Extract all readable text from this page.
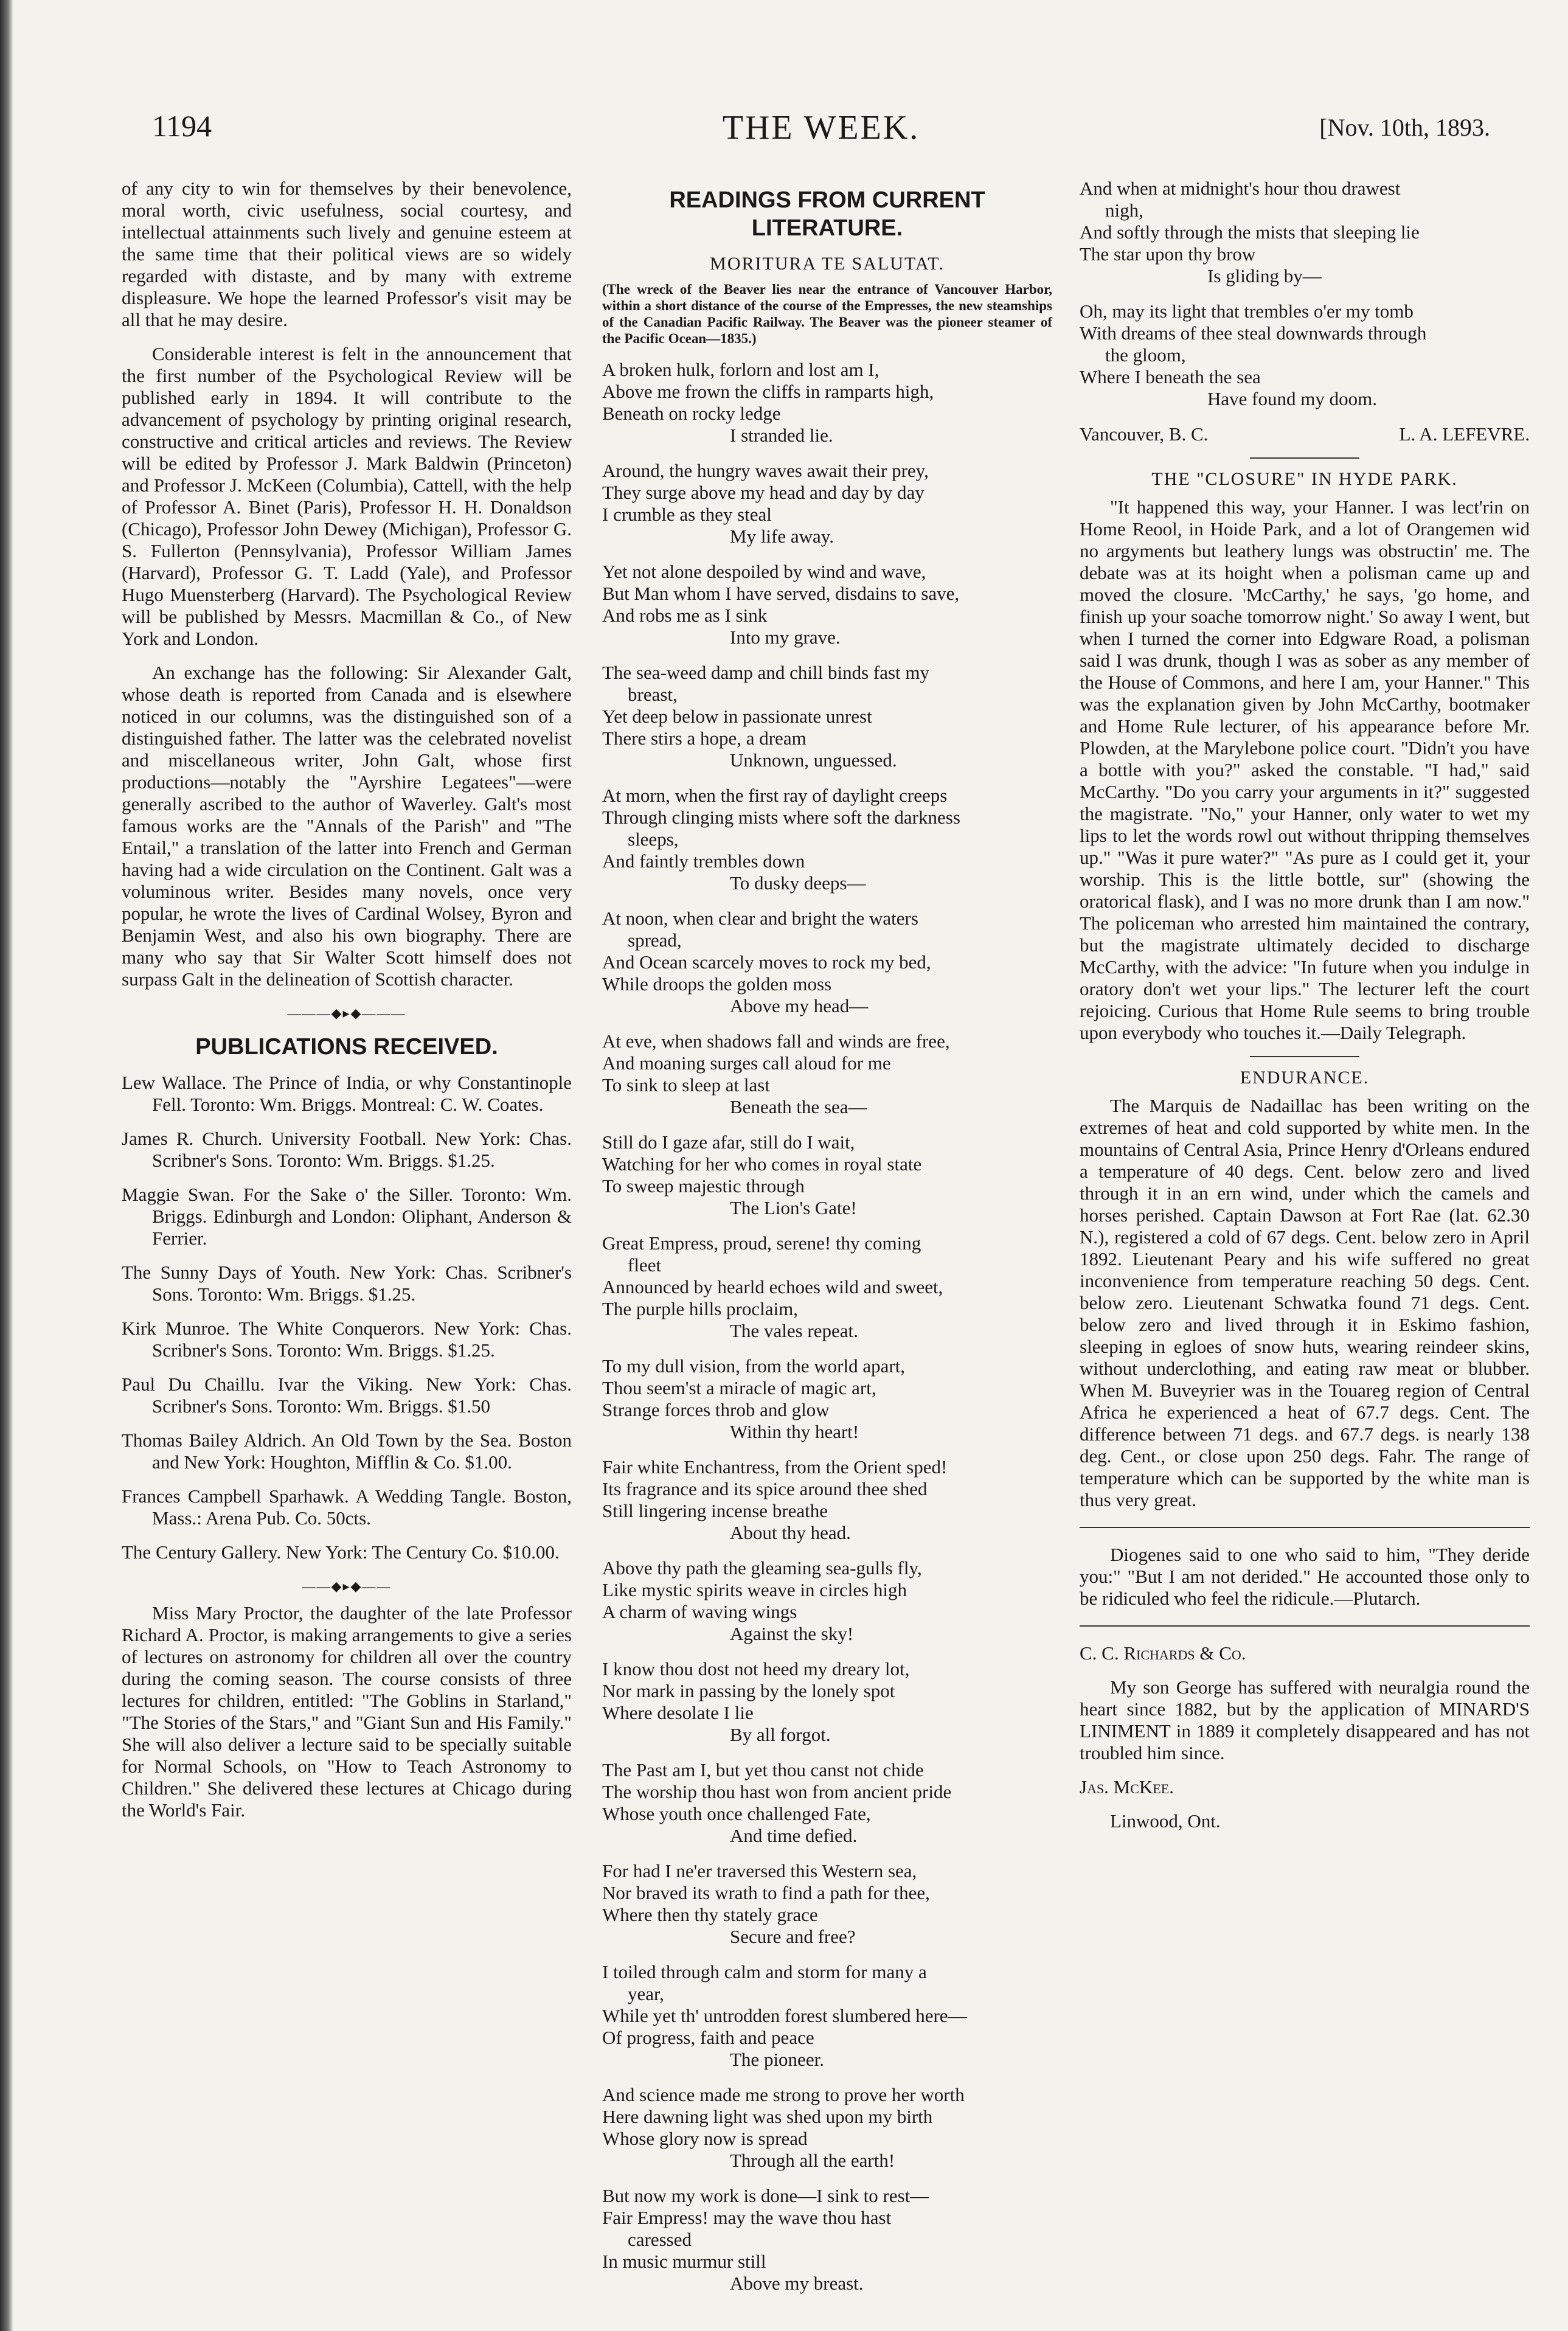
1194	THE WEEK.	[Nov. 10th, 1893.

of any city to win for themselves by their benevolence, moral worth, civic usefulness, social courtesy, and intellectual attainments such lively and genuine esteem at the same time that their political views are so widely regarded with distaste, and by many with extreme displeasure. We hope the learned Professor's visit may be all that he may desire.

Considerable interest is felt in the announcement that the first number of the Psychological Review will be published early in 1894. It will contribute to the advancement of psychology by printing original research, constructive and critical articles and reviews. The Review will be edited by Professor J. Mark Baldwin (Princeton) and Professor J. McKeen (Columbia), Cattell, with the help of Professor A. Binet (Paris), Professor H. H. Donaldson (Chicago), Professor John Dewey (Michigan), Professor G. S. Fullerton (Pennsylvania), Professor William James (Harvard), Professor G. T. Ladd (Yale), and Professor Hugo Muensterberg (Harvard). The Psychological Review will be published by Messrs. Macmillan & Co., of New York and London.

An exchange has the following: Sir Alexander Galt, whose death is reported from Canada and is elsewhere noticed in our columns, was the distinguished son of a distinguished father. The latter was the celebrated novelist and miscellaneous writer, John Galt, whose first productions—notably the "Ayrshire Legatees"—were generally ascribed to the author of Waverley. Galt's most famous works are the "Annals of the Parish" and "The Entail," a translation of the latter into French and German having had a wide circulation on the Continent. Galt was a voluminous writer. Besides many novels, once very popular, he wrote the lives of Cardinal Wolsey, Byron and Benjamin West, and also his own biography. There are many who say that Sir Walter Scott himself does not surpass Galt in the delineation of Scottish character.

———◆▸◆———
PUBLICATIONS RECEIVED.

Lew Wallace. The Prince of India, or why Constantinople Fell. Toronto: Wm. Briggs. Montreal: C. W. Coates.

James R. Church. University Football. New York: Chas. Scribner's Sons. Toronto: Wm. Briggs. $1.25.

Maggie Swan. For the Sake o' the Siller. Toronto: Wm. Briggs. Edinburgh and London: Oliphant, Anderson & Ferrier.

The Sunny Days of Youth. New York: Chas. Scribner's Sons. Toronto: Wm. Briggs. $1.25.

Kirk Munroe. The White Conquerors. New York: Chas. Scribner's Sons. Toronto: Wm. Briggs. $1.25.

Paul Du Chaillu. Ivar the Viking. New York: Chas. Scribner's Sons. Toronto: Wm. Briggs. $1.50

Thomas Bailey Aldrich. An Old Town by the Sea. Boston and New York: Houghton, Mifflin & Co. $1.00.

Frances Campbell Sparhawk. A Wedding Tangle. Boston, Mass.: Arena Pub. Co. 50cts.

The Century Gallery. New York: The Century Co. $10.00.

——◆▸◆——

Miss Mary Proctor, the daughter of the late Professor Richard A. Proctor, is making arrangements to give a series of lectures on astronomy for children all over the country during the coming season. The course consists of three lectures for children, entitled: "The Goblins in Starland," "The Stories of the Stars," and "Giant Sun and His Family." She will also deliver a lecture said to be specially suitable for Normal Schools, on "How to Teach Astronomy to Children." She delivered these lectures at Chicago during the World's Fair.

READINGS FROM CURRENT LITERATURE.
MORITURA TE SALUTAT.

(The wreck of the Beaver lies near the entrance of Vancouver Harbor, within a short distance of the course of the Empresses, the new steamships of the Canadian Pacific Railway. The Beaver was the pioneer steamer of the Pacific Ocean—1835.)

A broken hulk, forlorn and lost am I,
Above me frown the cliffs in ramparts high,
Beneath on rocky ledge
I stranded lie.
Around, the hungry waves await their prey,
They surge above my head and day by day
I crumble as they steal
My life away.
Yet not alone despoiled by wind and wave,
But Man whom I have served, disdains to save,
And robs me as I sink
Into my grave.
The sea-weed damp and chill binds fast my
breast,
Yet deep below in passionate unrest
There stirs a hope, a dream
Unknown, unguessed.
At morn, when the first ray of daylight creeps
Through clinging mists where soft the darkness
sleeps,
And faintly trembles down
To dusky deeps—
At noon, when clear and bright the waters
spread,
And Ocean scarcely moves to rock my bed,
While droops the golden moss
Above my head—
At eve, when shadows fall and winds are free,
And moaning surges call aloud for me
To sink to sleep at last
Beneath the sea—
Still do I gaze afar, still do I wait,
Watching for her who comes in royal state
To sweep majestic through
The Lion's Gate!
Great Empress, proud, serene! thy coming
fleet
Announced by hearld echoes wild and sweet,
The purple hills proclaim,
The vales repeat.
To my dull vision, from the world apart,
Thou seem'st a miracle of magic art,
Strange forces throb and glow
Within thy heart!
Fair white Enchantress, from the Orient sped!
Its fragrance and its spice around thee shed
Still lingering incense breathe
About thy head.
Above thy path the gleaming sea-gulls fly,
Like mystic spirits weave in circles high
A charm of waving wings
Against the sky!
I know thou dost not heed my dreary lot,
Nor mark in passing by the lonely spot
Where desolate I lie
By all forgot.
The Past am I, but yet thou canst not chide
The worship thou hast won from ancient pride
Whose youth once challenged Fate,
And time defied.
For had I ne'er traversed this Western sea,
Nor braved its wrath to find a path for thee,
Where then thy stately grace
Secure and free?
I toiled through calm and storm for many a
year,
While yet th' untrodden forest slumbered here—
Of progress, faith and peace
The pioneer.
And science made me strong to prove her worth
Here dawning light was shed upon my birth
Whose glory now is spread
Through all the earth!
But now my work is done—I sink to rest—
Fair Empress! may the wave thou hast
caressed
In music murmur still
Above my breast.
And when at midnight's hour thou drawest
nigh,
And softly through the mists that sleeping lie
The star upon thy brow
Is gliding by—
Oh, may its light that trembles o'er my tomb
With dreams of thee steal downwards through
the gloom,
Where I beneath the sea
Have found my doom.
Vancouver, B. C.	L. A. LEFEVRE.
THE "CLOSURE" IN HYDE PARK.

"It happened this way, your Hanner. I was lect'rin on Home Reool, in Hoide Park, and a lot of Orangemen wid no argyments but leathery lungs was obstructin' me. The debate was at its hoight when a polisman came up and moved the closure. 'McCarthy,' he says, 'go home, and finish up your soache tomorrow night.' So away I went, but when I turned the corner into Edgware Road, a polisman said I was drunk, though I was as sober as any member of the House of Commons, and here I am, your Hanner." This was the explanation given by John McCarthy, bootmaker and Home Rule lecturer, of his appearance before Mr. Plowden, at the Marylebone police court. "Didn't you have a bottle with you?" asked the constable. "I had," said McCarthy. "Do you carry your arguments in it?" suggested the magistrate. "No," your Hanner, only water to wet my lips to let the words rowl out without thripping themselves up." "Was it pure water?" "As pure as I could get it, your worship. This is the little bottle, sur" (showing the oratorical flask), and I was no more drunk than I am now." The policeman who arrested him maintained the contrary, but the magistrate ultimately decided to discharge McCarthy, with the advice: "In future when you indulge in oratory don't wet your lips." The lecturer left the court rejoicing. Curious that Home Rule seems to bring trouble upon everybody who touches it.—Daily Telegraph.

ENDURANCE.

The Marquis de Nadaillac has been writing on the extremes of heat and cold supported by white men. In the mountains of Central Asia, Prince Henry d'Orleans endured a temperature of 40 degs. Cent. below zero and lived through it in an ern wind, under which the camels and horses perished. Captain Dawson at Fort Rae (lat. 62.30 N.), registered a cold of 67 degs. Cent. below zero in April 1892. Lieutenant Peary and his wife suffered no great inconvenience from temperature reaching 50 degs. Cent. below zero. Lieutenant Schwatka found 71 degs. Cent. below zero and lived through it in Eskimo fashion, sleeping in egloes of snow huts, wearing reindeer skins, without underclothing, and eating raw meat or blubber. When M. Buveyrier was in the Touareg region of Central Africa he experienced a heat of 67.7 degs. Cent. The difference between 71 degs. and 67.7 degs. is nearly 138 deg. Cent., or close upon 250 degs. Fahr. The range of temperature which can be supported by the white man is thus very great.

Diogenes said to one who said to him, "They deride you:" "But I am not derided." He accounted those only to be ridiculed who feel the ridicule.—Plutarch.

C. C. Richards & Co.

My son George has suffered with neuralgia round the heart since 1882, but by the application of MINARD'S LINIMENT in 1889 it completely disappeared and has not troubled him since.

Jas. McKee.

Linwood, Ont.
